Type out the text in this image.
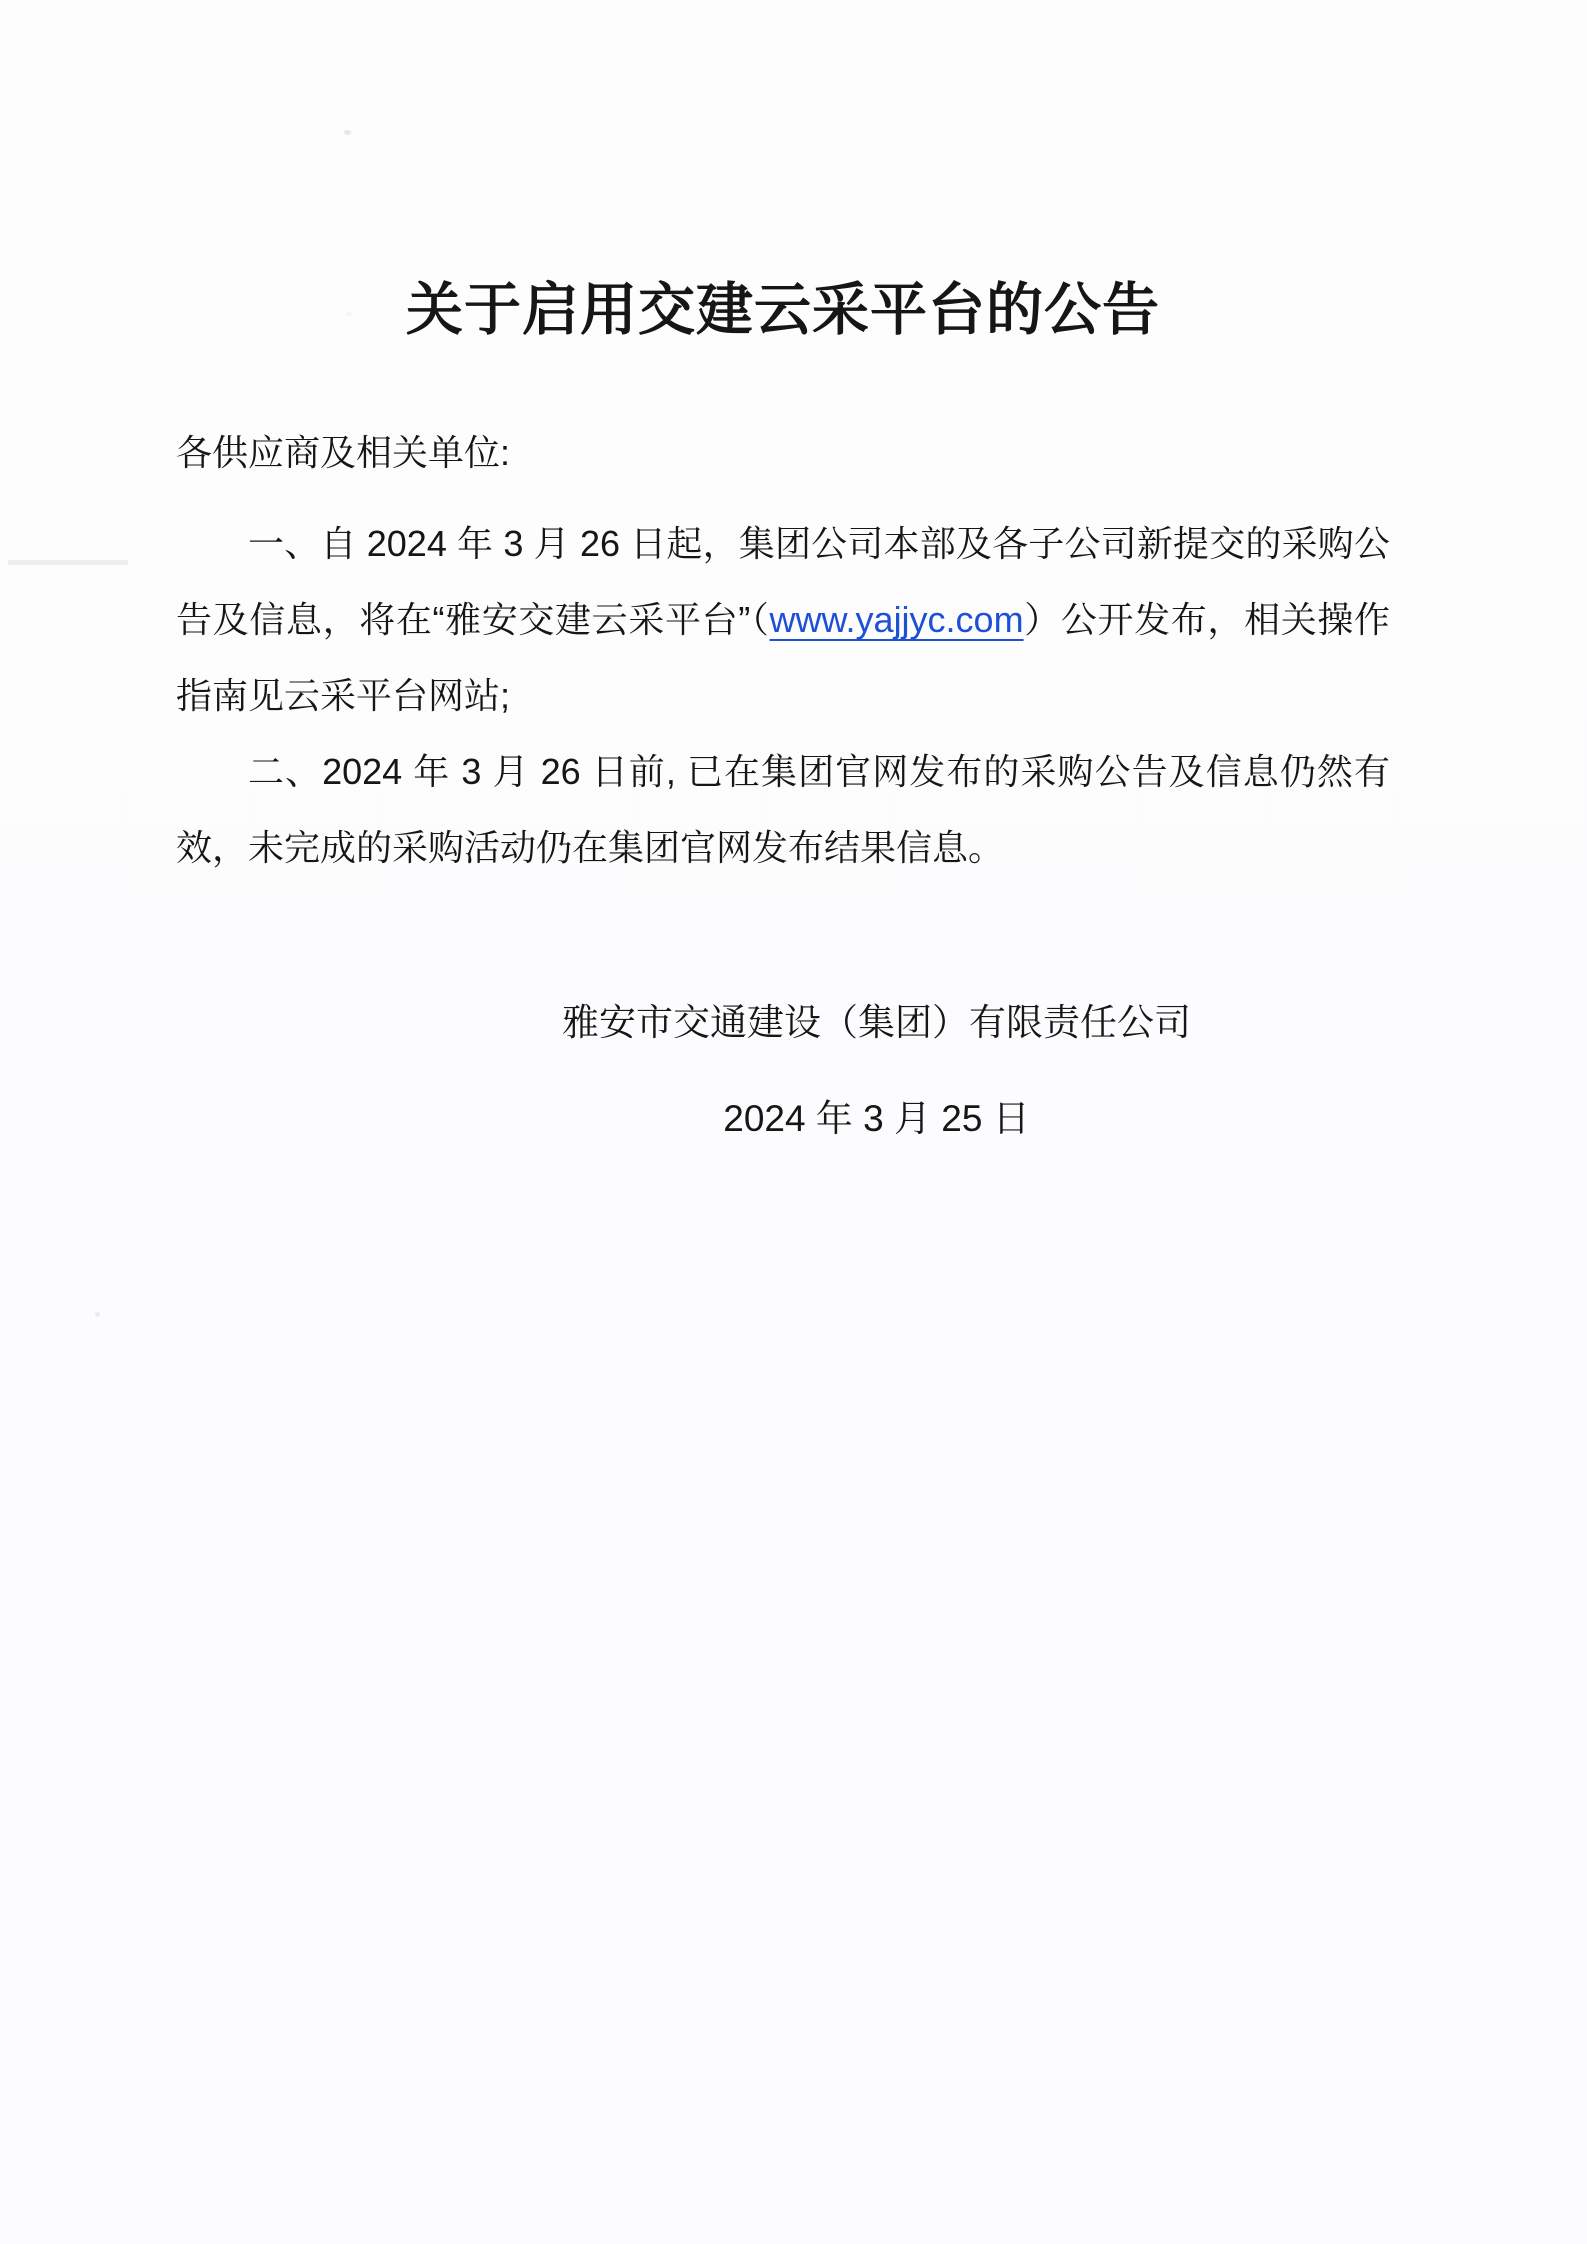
关于启用交建云采平台的公告

各供应商及相关单位:

一、自 2024 年 3 月 26 日起，集团公司本部及各子公司新提交的采购公告及信息，将在“雅安交建云采平台”（www.yajjyc.com）公开发布，相关操作指南见云采平台网站;

二、2024 年 3 月 26 日前, 已在集团官网发布的采购公告及信息仍然有效，未完成的采购活动仍在集团官网发布结果信息。

雅安市交通建设（集团）有限责任公司
2024 年 3 月 25 日
